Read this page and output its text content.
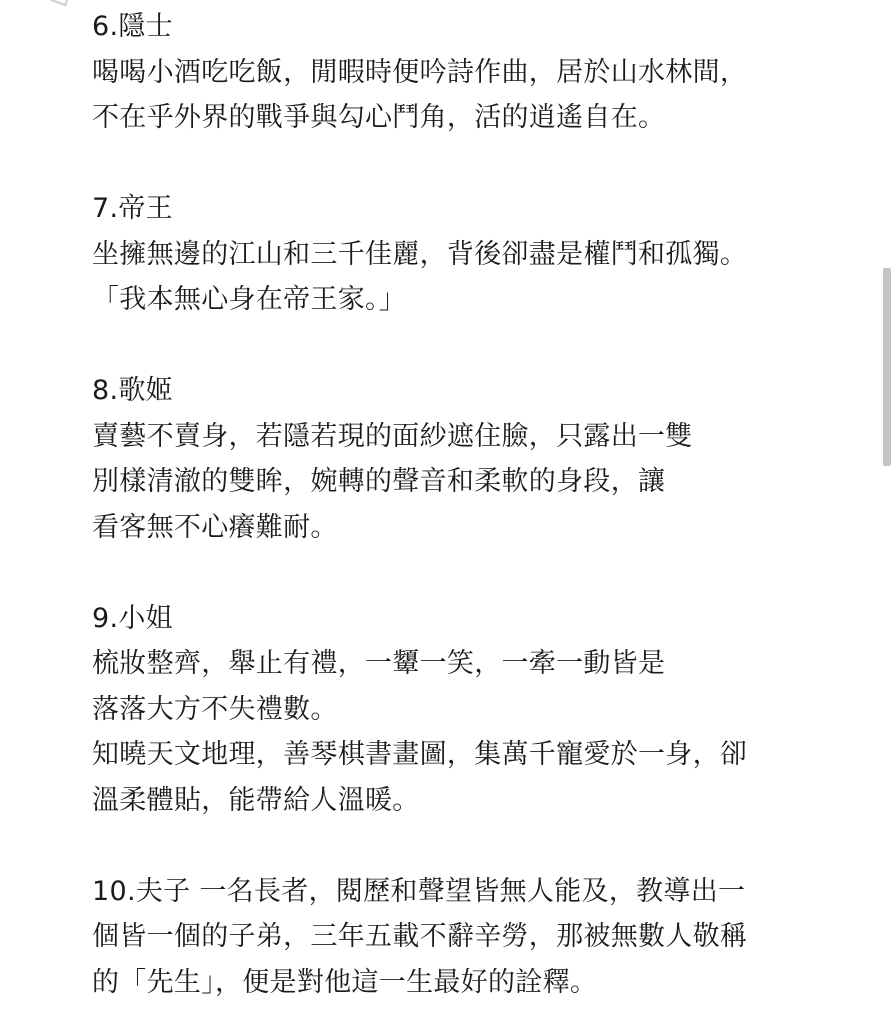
6.隱士
喝喝小酒吃吃飯，閒暇時便吟詩作曲，居於山水林間，
不在乎外界的戰爭與勾心鬥角，活的逍遙自在。
7.帝王
坐擁無邊的江山和三千佳麗，背後卻盡是權鬥和孤獨。
「我本無心身在帝王家。」
8.歌姬
賣藝不賣身，若隱若現的面紗遮住臉，只露出一雙
別樣清澈的雙眸，婉轉的聲音和柔軟的身段，讓
看客無不心癢難耐。
9.小姐
梳妝整齊，舉止有禮，一顰一笑，一牽一動皆是
落落大方不失禮數。
知曉天文地理，善琴棋書畫圖，集萬千寵愛於一身，卻
溫柔體貼，能帶給人溫暖。
10.夫子 一名長者，閱歷和聲望皆無人能及，教導出一
個皆一個的子弟，三年五載不辭辛勞，那被無數人敬稱
的「先生」，便是對他這一生最好的詮釋。
